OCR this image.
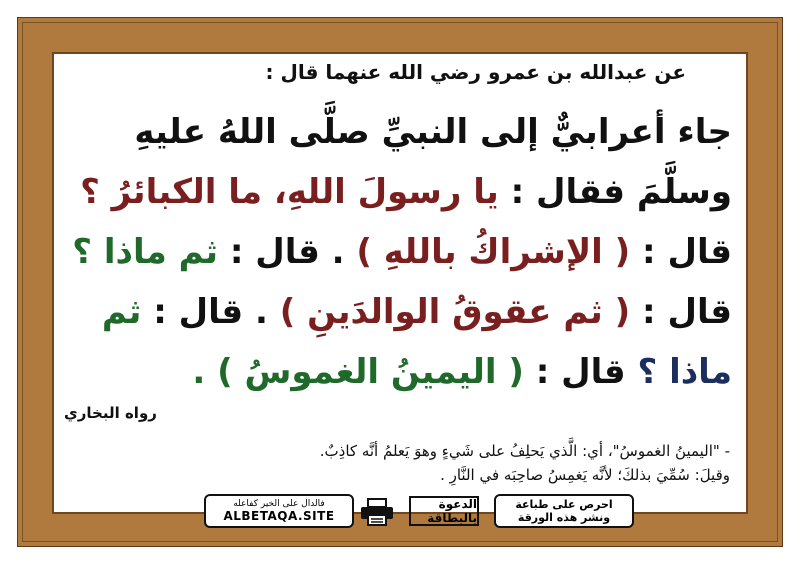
عن عبدالله بن عمرو رضي الله عنهما قال :
جاء أعرابيٌّ إلى النبيِّ صلَّى اللهُ عليهِ
وسلَّمَ فقال : يا رسولَ اللهِ، ما الكبائرُ ؟
قال : ( الإشراكُ باللهِ ) . قال : ثم ماذا ؟
قال : ( ثم عقوقُ الوالدَينِ ) . قال : ثم
ماذا ؟ قال : ( اليمينُ الغموسُ ) .
رواه البخاري
- "اليمينُ الغموسُ"، أي: الَّذي يَحلِفُ على شَيءٍ وهوَ يَعلمُ أنَّه كاذِبٌ.
وقيلَ: سُمِّيَ بذلكَ؛ لأنَّه يَغمِسُ صاحِبَه في النَّارِ .
فالدال على الخير كفاعله
ALBETAQA.SITE
الدعوة بالبطاقة
احرص على طباعة
ونشر هذه الورقة
